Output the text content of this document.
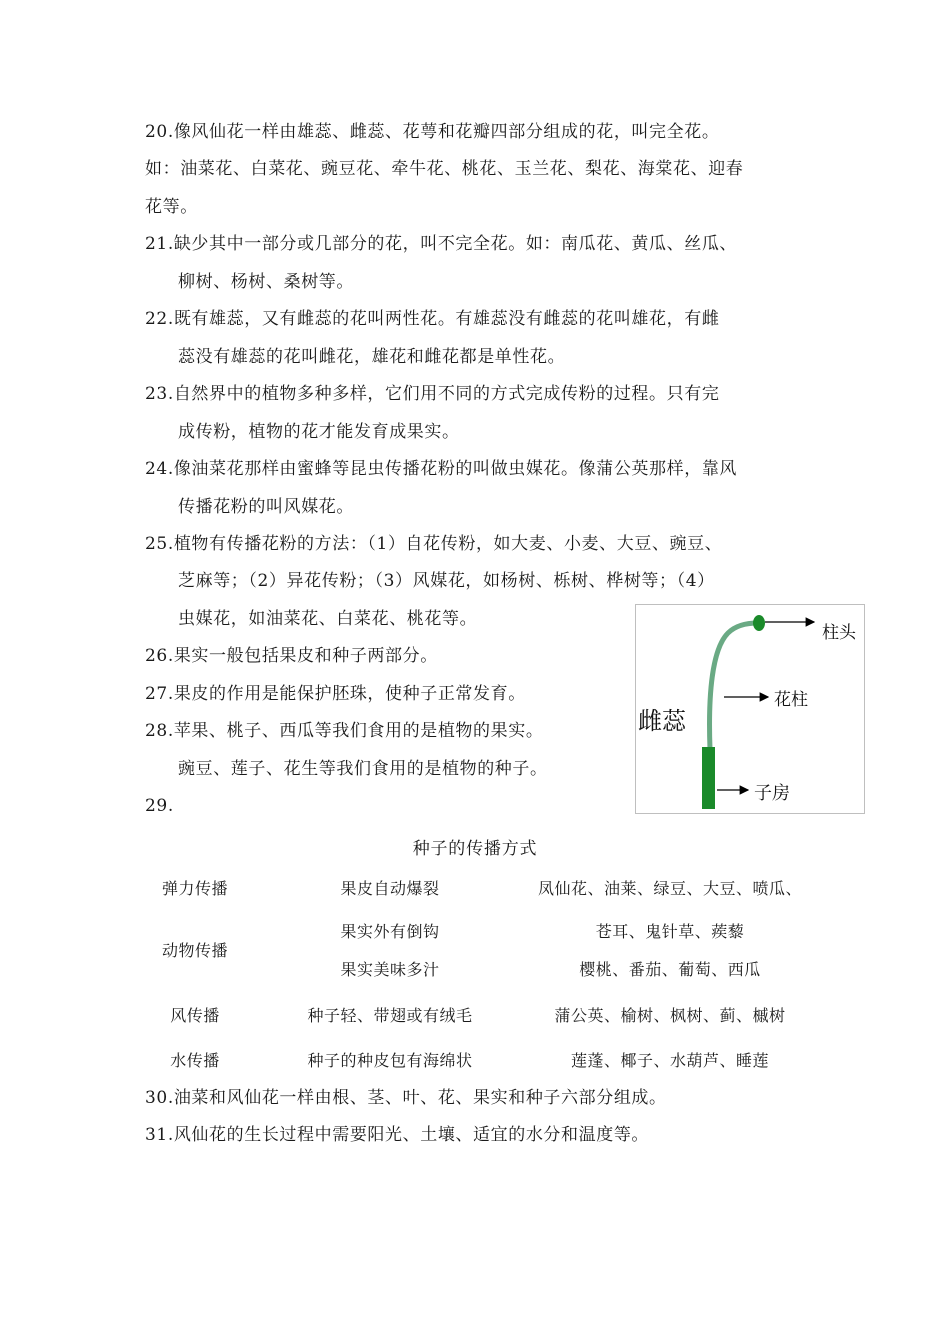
20.像风仙花一样由雄蕊、雌蕊、花萼和花瓣四部分组成的花，叫完全花。
如：油菜花、白菜花、豌豆花、牵牛花、桃花、玉兰花、梨花、海棠花、迎春
花等。
21.缺少其中一部分或几部分的花，叫不完全花。如：南瓜花、黄瓜、丝瓜、
柳树、杨树、桑树等。
22.既有雄蕊，又有雌蕊的花叫两性花。有雄蕊没有雌蕊的花叫雄花，有雌
蕊没有雄蕊的花叫雌花，雄花和雌花都是单性花。
23.自然界中的植物多种多样，它们用不同的方式完成传粉的过程。只有完
成传粉，植物的花才能发育成果实。
24.像油菜花那样由蜜蜂等昆虫传播花粉的叫做虫媒花。像蒲公英那样，靠风
传播花粉的叫风媒花。
25.植物有传播花粉的方法：（1）自花传粉，如大麦、小麦、大豆、豌豆、
芝麻等；（2）异花传粉；（3）风媒花，如杨树、栎树、桦树等；（4）
虫媒花，如油菜花、白菜花、桃花等。
26.果实一般包括果皮和种子两部分。
27.果皮的作用是能保护胚珠，使种子正常发育。
28.苹果、桃子、西瓜等我们食用的是植物的果实。
豌豆、莲子、花生等我们食用的是植物的种子。
29.
柱头
花柱
雌蕊
子房
种子的传播方式
弹力传播	果皮自动爆裂	凤仙花、油莱、绿豆、大豆、喷瓜、
动物传播
果实外有倒钩	苍耳、鬼针草、蒺藜
果实美味多汁	樱桃、番茄、葡萄、西瓜
风传播	种子轻、带翅或有绒毛	蒲公英、榆树、枫树、蓟、槭树
水传播	种子的种皮包有海绵状	莲蓬、椰子、水葫芦、睡莲
30.油菜和风仙花一样由根、茎、叶、花、果实和种子六部分组成。
31.风仙花的生长过程中需要阳光、土壤、适宜的水分和温度等。
